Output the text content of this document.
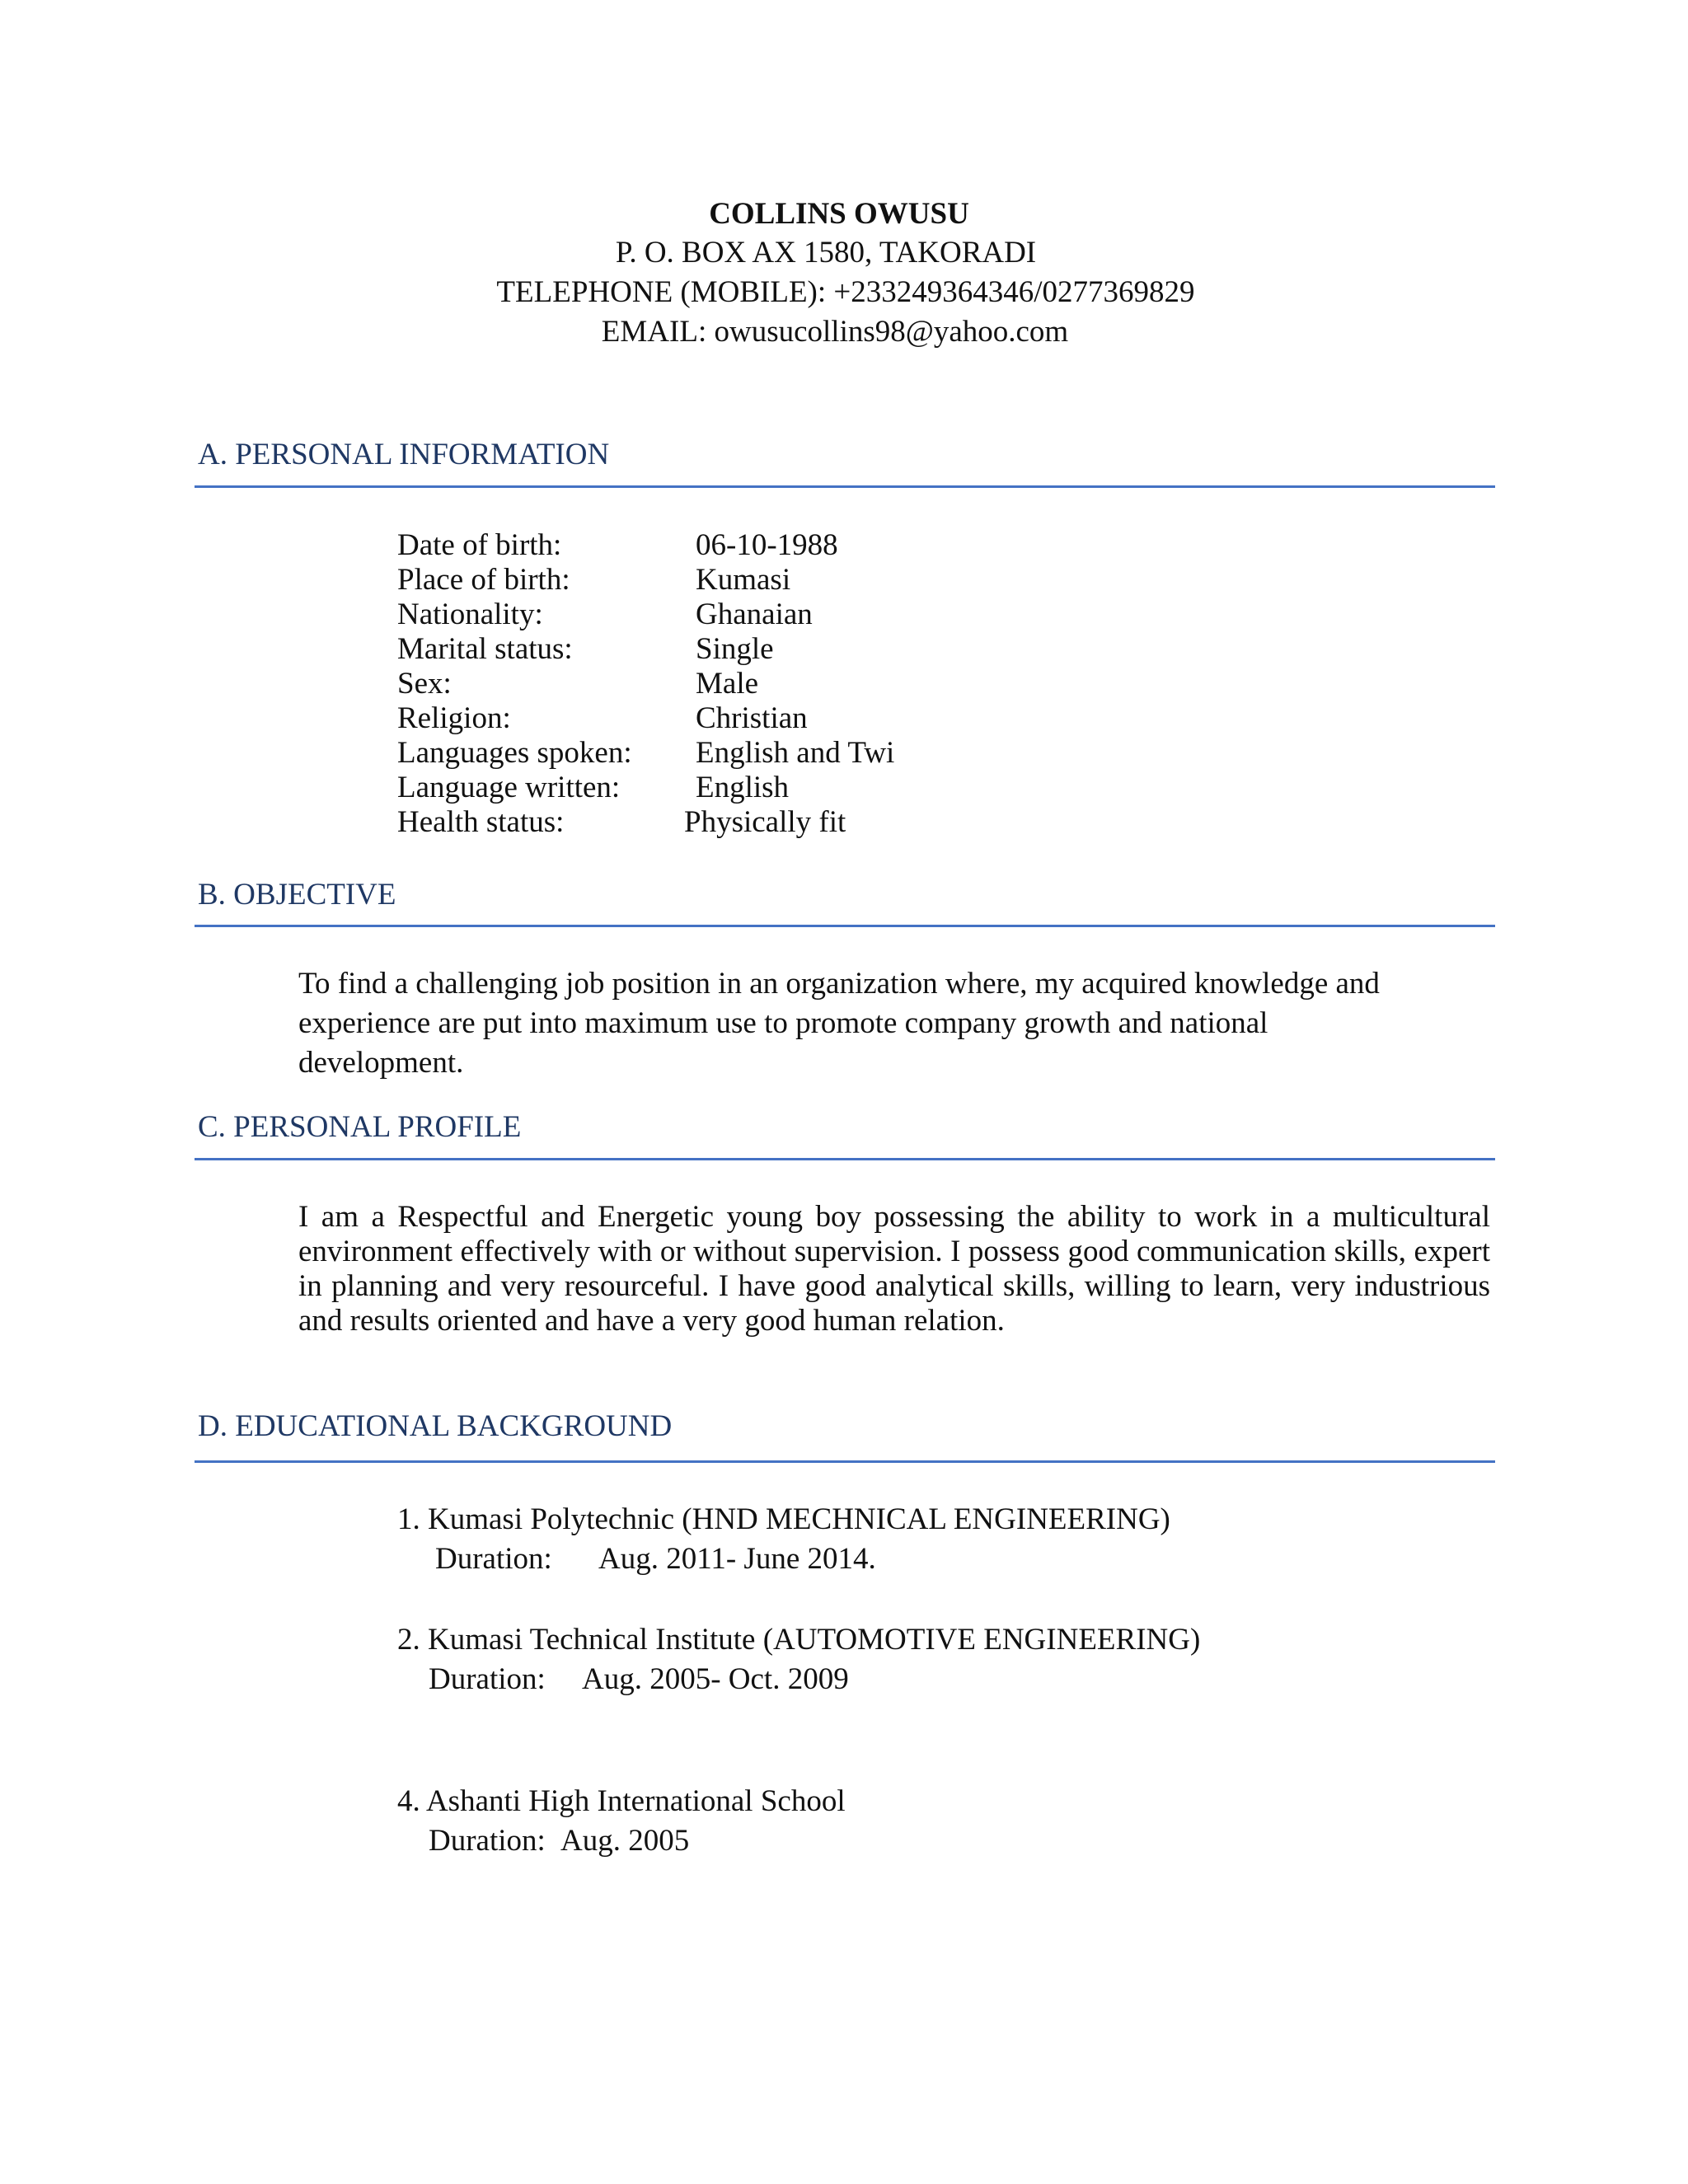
COLLINS OWUSU
P. O. BOX AX 1580, TAKORADI
TELEPHONE (MOBILE): +233249364346/0277369829
EMAIL: owusucollins98@yahoo.com
A. PERSONAL INFORMATION
Date of birth:	06-10-1988
Place of birth:	Kumasi
Nationality:	Ghanaian
Marital status:	Single
Sex:	Male
Religion:	Christian
Languages spoken: English and Twi
Language written: English
Health status:	Physically fit
B. OBJECTIVE
To find a challenging job position in an organization where, my acquired knowledge and experience are put into maximum use to promote company growth and national development.
C. PERSONAL PROFILE
I am a Respectful and Energetic young boy possessing the ability to work in a multicultural environment effectively with or without supervision. I possess good communication skills, expert in planning and very resourceful. I have good analytical skills, willing to learn, very industrious and results oriented and have a very good human relation.
D. EDUCATIONAL BACKGROUND
1. Kumasi Polytechnic (HND MECHNICAL ENGINEERING)
Duration: Aug. 2011- June 2014.
2. Kumasi Technical Institute (AUTOMOTIVE ENGINEERING)
Duration: Aug. 2005- Oct. 2009
4. Ashanti High International School
Duration: Aug. 2005
